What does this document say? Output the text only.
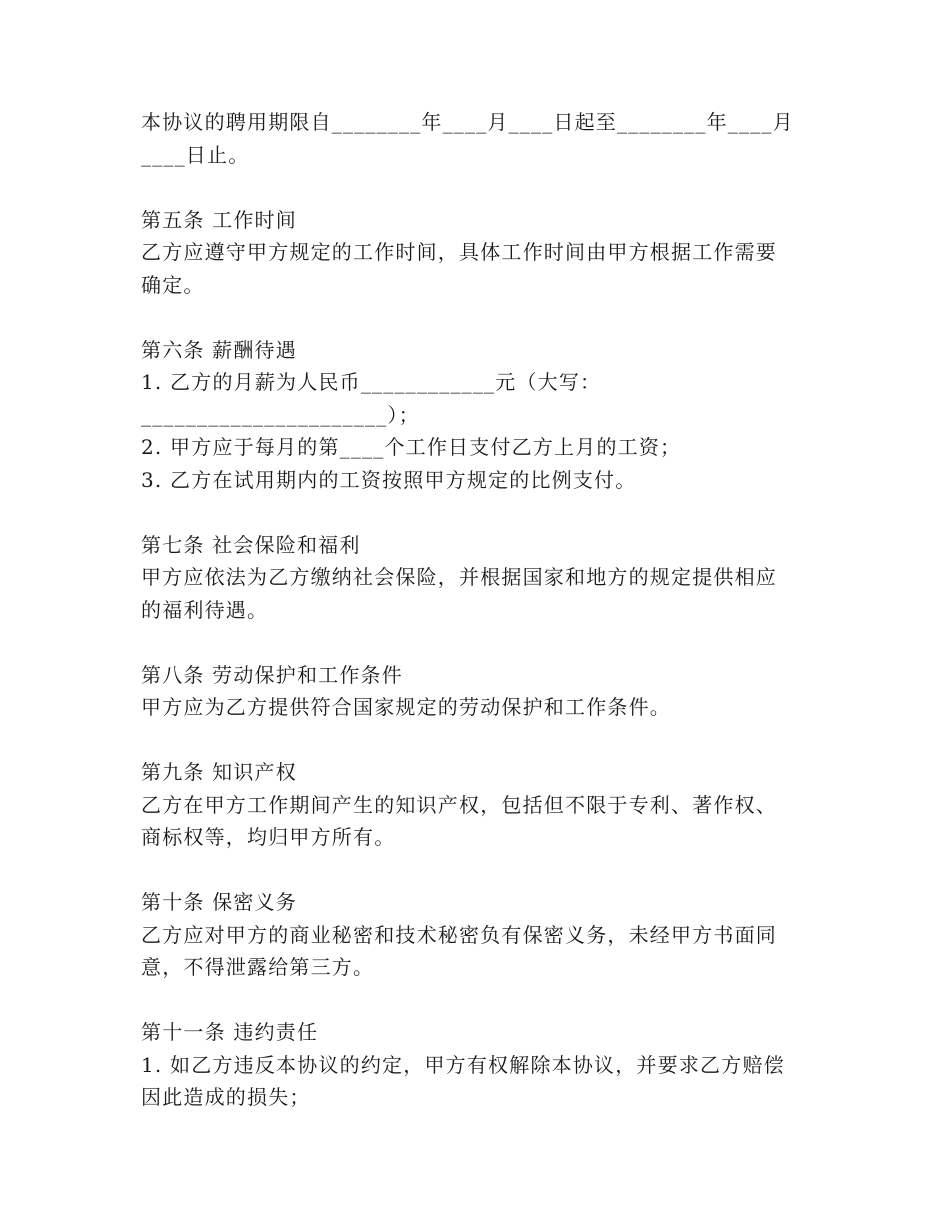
本协议的聘用期限自________年____月____日起至________年____月
____日止。
第五条 工作时间
乙方应遵守甲方规定的工作时间，具体工作时间由甲方根据工作需要
确定。
第六条 薪酬待遇
1. 乙方的月薪为人民币____________元（大写：
______________________）；
2. 甲方应于每月的第____个工作日支付乙方上月的工资；
3. 乙方在试用期内的工资按照甲方规定的比例支付。
第七条 社会保险和福利
甲方应依法为乙方缴纳社会保险，并根据国家和地方的规定提供相应
的福利待遇。
第八条 劳动保护和工作条件
甲方应为乙方提供符合国家规定的劳动保护和工作条件。
第九条 知识产权
乙方在甲方工作期间产生的知识产权，包括但不限于专利、著作权、
商标权等，均归甲方所有。
第十条 保密义务
乙方应对甲方的商业秘密和技术秘密负有保密义务，未经甲方书面同
意，不得泄露给第三方。
第十一条 违约责任
1. 如乙方违反本协议的约定，甲方有权解除本协议，并要求乙方赔偿
因此造成的损失；
